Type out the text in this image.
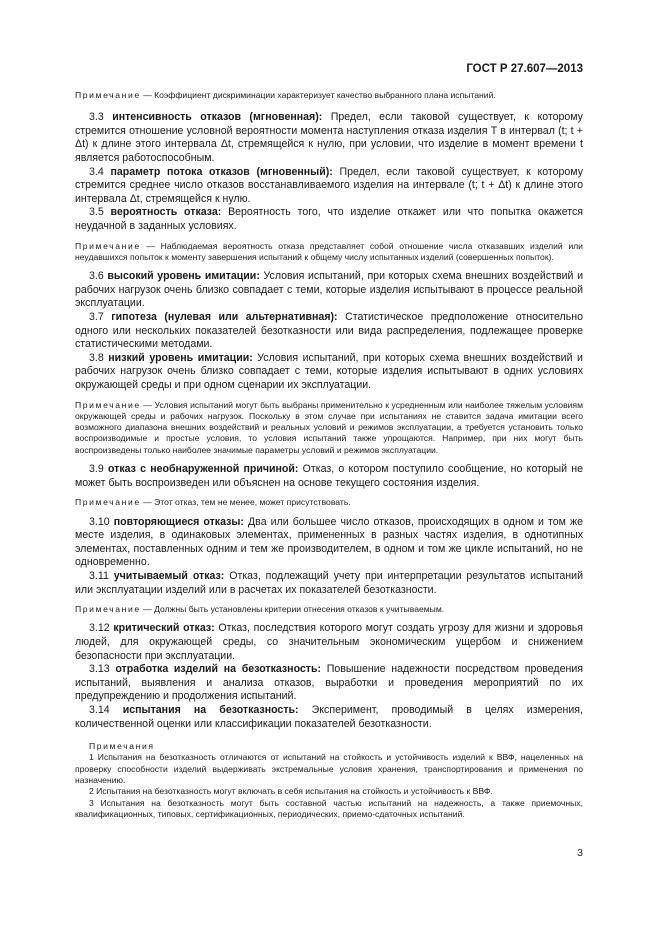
ГОСТ Р 27.607—2013

Примечание — Коэффициент дискриминации характеризует качество выбранного плана испытаний.

3.3 интенсивность отказов (мгновенная): Предел, если таковой существует, к которому стремится отношение условной вероятности момента наступления отказа изделия T в интервал (t; t + Δt) к длине этого интервала Δt, стремящейся к нулю, при условии, что изделие в момент времени t является работоспособным.

3.4 параметр потока отказов (мгновенный): Предел, если таковой существует, к которому стремится среднее число отказов восстанавливаемого изделия на интервале (t; t + Δt) к длине этого интервала Δt, стремящейся к нулю.

3.5 вероятность отказа: Вероятность того, что изделие откажет или что попытка окажется неудачной в заданных условиях.

Примечание — Наблюдаемая вероятность отказа представляет собой отношение числа отказавших изделий или неудавшихся попыток к моменту завершения испытаний к общему числу испытанных изделий (совершенных попыток).

3.6 высокий уровень имитации: Условия испытаний, при которых схема внешних воздействий и рабочих нагрузок очень близко совпадает с теми, которые изделия испытывают в процессе реальной эксплуатации.

3.7 гипотеза (нулевая или альтернативная): Статистическое предположение относительно одного или нескольких показателей безотказности или вида распределения, подлежащее проверке статистическими методами.

3.8 низкий уровень имитации: Условия испытаний, при которых схема внешних воздействий и рабочих нагрузок очень близко совпадает с теми, которые изделия испытывают в одних условиях окружающей среды и при одном сценарии их эксплуатации.

Примечание — Условия испытаний могут быть выбраны применительно к усредненным или наиболее тяжелым условиям окружающей среды и рабочих нагрузок. Поскольку в этом случае при испытаниях не ставится задача имитации всего возможного диапазона внешних воздействий и реальных условий и режимов эксплуатации, а требуется установить только воспроизводимые и простые условия, то условия испытаний также упрощаются. Например, при них могут быть воспроизведены только наиболее значимые параметры условий и режимов эксплуатации.

3.9 отказ с необнаруженной причиной: Отказ, о котором поступило сообщение, но который не может быть воспроизведен или объяснен на основе текущего состояния изделия.

Примечание — Этот отказ, тем не менее, может присутствовать.

3.10 повторяющиеся отказы: Два или большее число отказов, происходящих в одном и том же месте изделия, в одинаковых элементах, примененных в разных частях изделия, в однотипных элементах, поставленных одним и тем же производителем, в одном и том же цикле испытаний, но не одновременно.

3.11 учитываемый отказ: Отказ, подлежащий учету при интерпретации результатов испытаний или эксплуатации изделий или в расчетах их показателей безотказности.

Примечание — Должны быть установлены критерии отнесения отказов к учитываемым.

3.12 критический отказ: Отказ, последствия которого могут создать угрозу для жизни и здоровья людей, для окружающей среды, со значительным экономическим ущербом и снижением безопасности при эксплуатации.

3.13 отработка изделий на безотказность: Повышение надежности посредством проведения испытаний, выявления и анализа отказов, выработки и проведения мероприятий по их предупреждению и продолжения испытаний.

3.14 испытания на безотказность: Эксперимент, проводимый в целях измерения, количественной оценки или классификации показателей безотказности.

Примечания

1 Испытания на безотказность отличаются от испытаний на стойкость и устойчивость изделий к ВВФ, нацеленных на проверку способности изделий выдерживать экстремальные условия хранения, транспортирования и применения по назначению.

2 Испытания на безотказность могут включать в себя испытания на стойкость и устойчивость к ВВФ.

3 Испытания на безотказность могут быть составной частью испытаний на надежность, а также приемочных, квалификационных, типовых, сертификационных, периодических, приемо-сдаточных испытаний.

3
